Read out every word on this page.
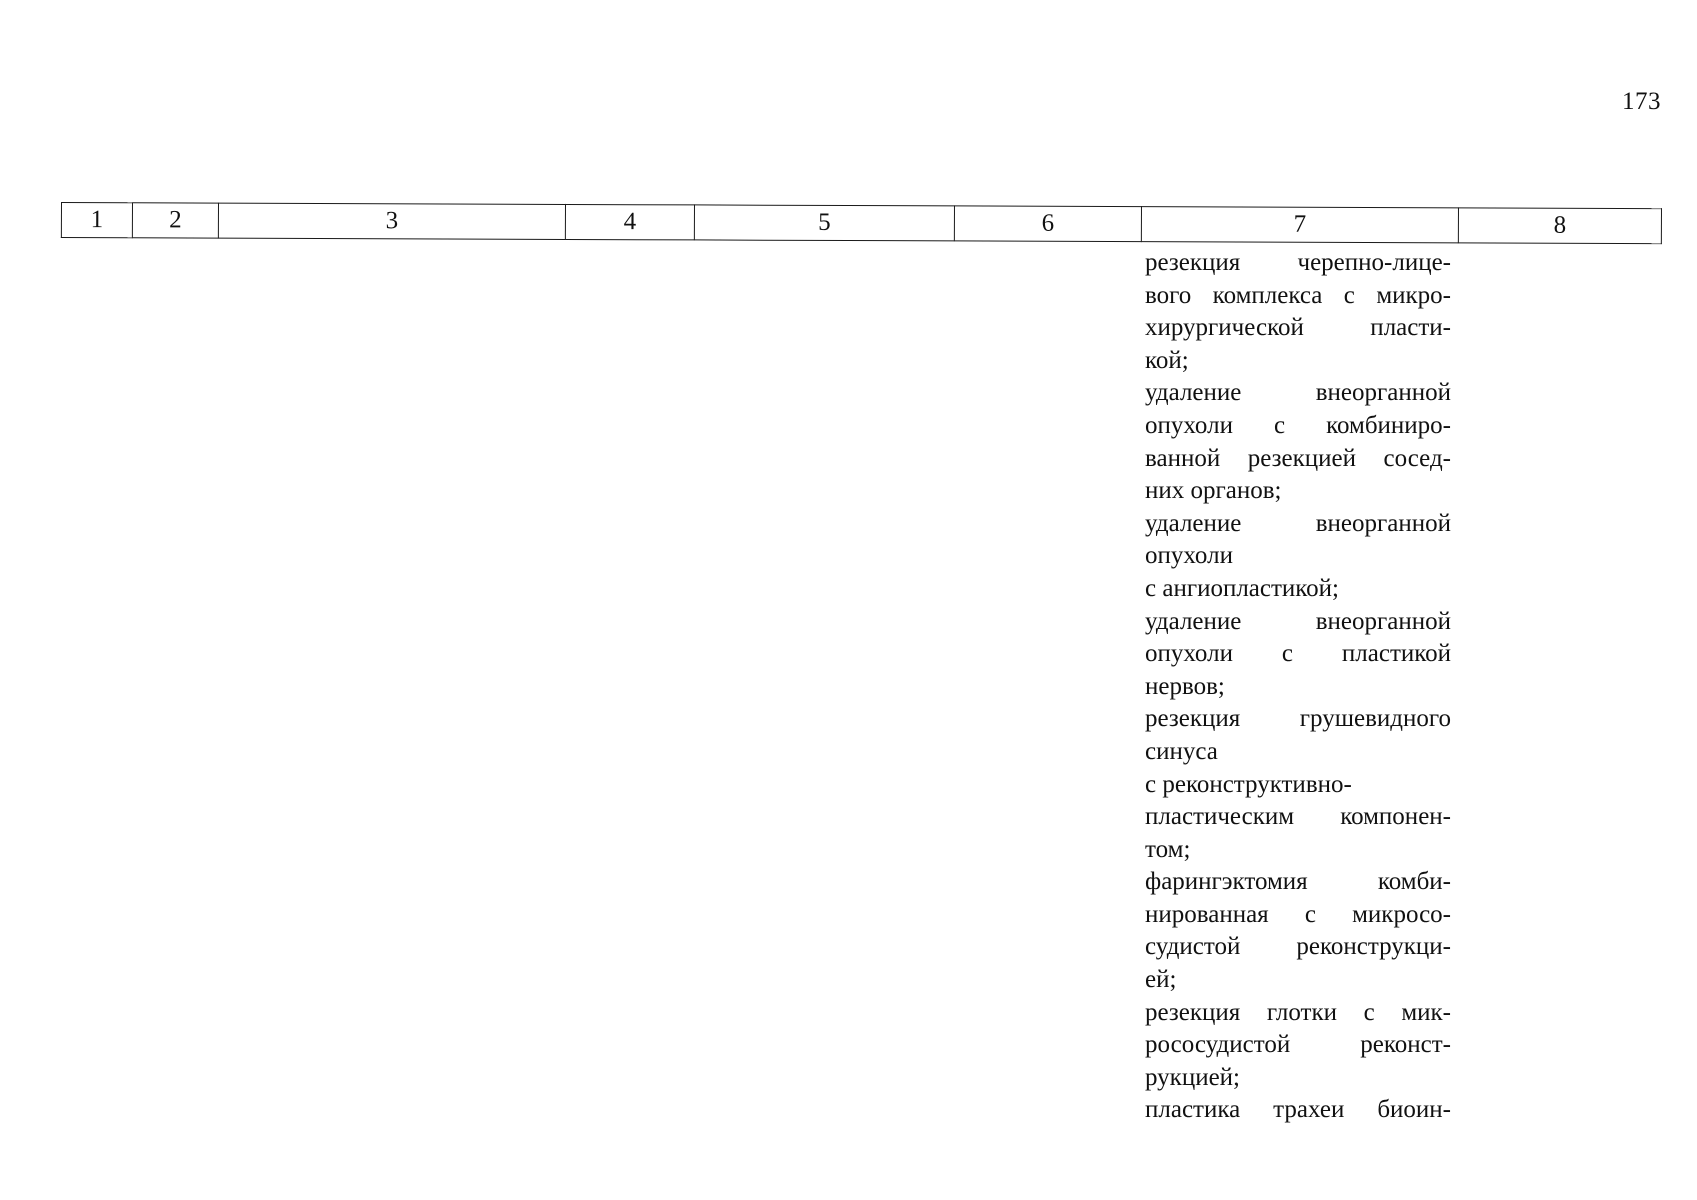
173
1	2	3	4	5	6	7	8
резекция черепно-лице-
вого комплекса с микро-
хирургической пласти-
кой;
удаление внеорганной
опухоли с комбиниро-
ванной резекцией сосед-
них органов;
удаление внеорганной
опухоли
с ангиопластикой;
удаление внеорганной
опухоли с пластикой
нервов;
резекция грушевидного
синуса
с реконструктивно-
пластическим компонен-
том;
фарингэктомия комби-
нированная с микросо-
судистой реконструкци-
ей;
резекция глотки с мик-
рососудистой реконст-
рукцией;
пластика трахеи биоин-
